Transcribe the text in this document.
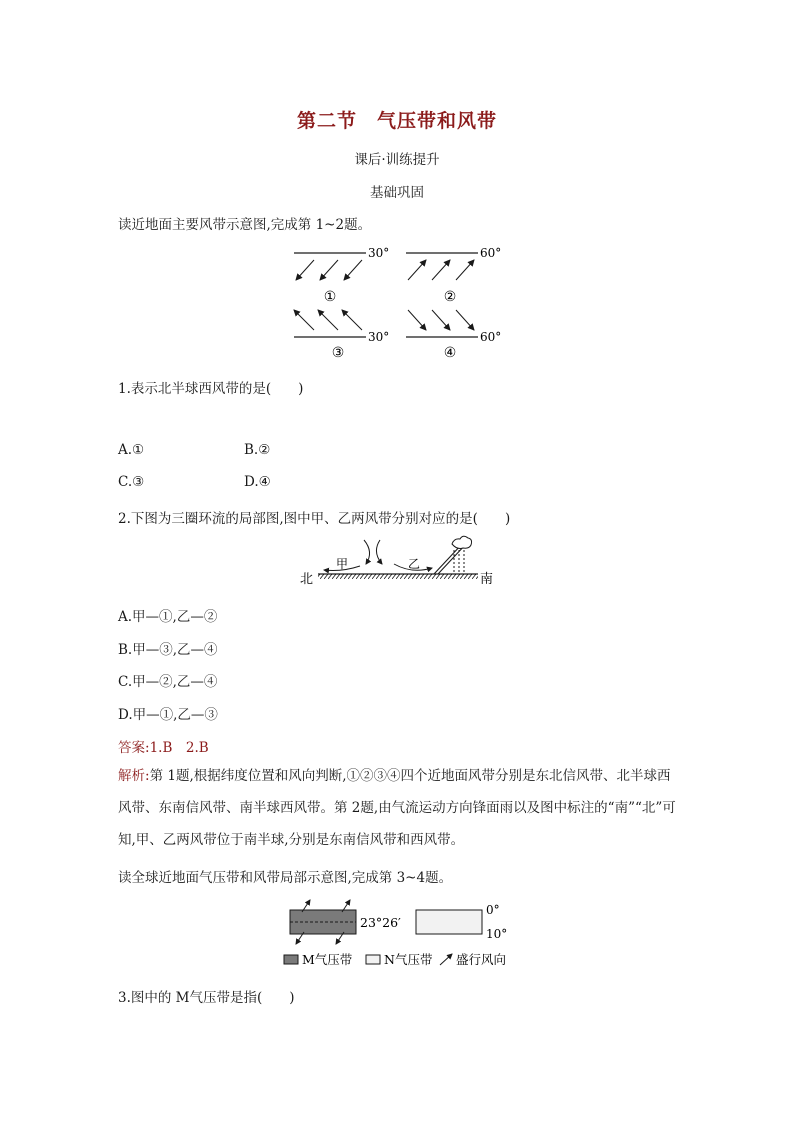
第二节　气压带和风带
课后·训练提升
基础巩固
读近地面主要风带示意图,完成第 1~2题。
30°
①
60°
②
30°
③
60°
④
1.表示北半球西风带的是(　　)
A.①	B.②
C.③	D.④
2.下图为三圈环流的局部图,图中甲、乙两风带分别对应的是(　　)
北	南
甲	乙
A.甲—①,乙—②
B.甲—③,乙—④
C.甲—②,乙—④
D.甲—①,乙—③
答案:1.B　2.B
解析:第 1题,根据纬度位置和风向判断,①②③④四个近地面风带分别是东北信风带、北半球西风带、东南信风带、南半球西风带。第 2题,由气流运动方向锋面雨以及图中标注的“南”“北”可知,甲、乙两风带位于南半球,分别是东南信风带和西风带。
读全球近地面气压带和风带局部示意图,完成第 3~4题。
23°26′
0°
10°
M气压带	N气压带 盛行风向
3.图中的 M气压带是指(　　)
